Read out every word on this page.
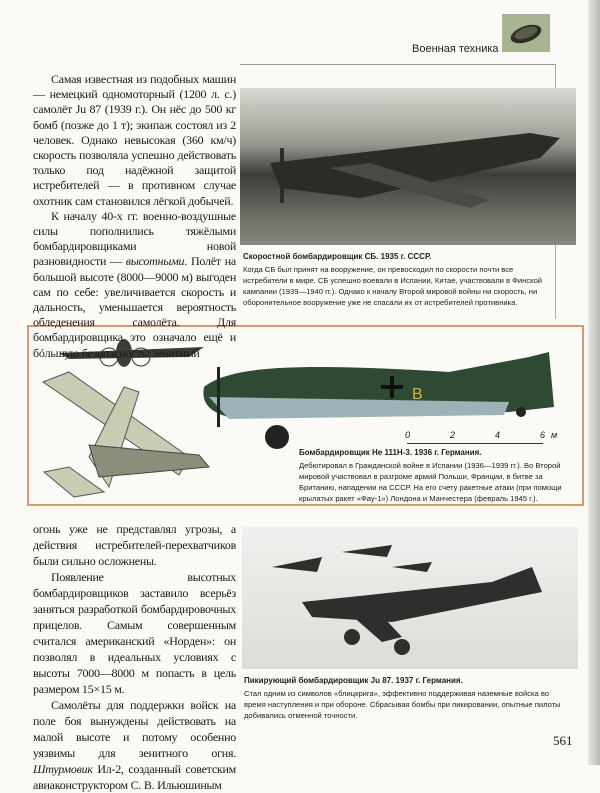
Военная техника

Самая известная из подобных машин — немецкий одномоторный (1200 л. с.) самолёт Ju 87 (1939 г.). Он нёс до 500 кг бомб (позже до 1 т); экипаж состоял из 2 человек. Однако невысокая (360 км/ч) скорость позволяла успешно действовать только под надёжной защитой истребителей — в противном случае охотник сам становился лёгкой добычей.

К началу 40-х гг. военно-воздушные силы пополнились тяжёлыми бомбардировщиками новой разновидности — высотными. Полёт на большой высоте (8000—9000 м) выгоден сам по себе: увеличивается скорость и дальность, уменьшается вероятность обледенения самолёта. Для бомбардировщика это означало ещё и бóльшую безопасность: зенитный

Скоростной бомбардировщик СБ. 1935 г. СССР.
Когда СБ был принят на вооружение, он превосходил по скорости почти все истребители в мире. СБ успешно воевали в Испании, Китае, участвовали в Финской кампании (1939—1940 гг.). Однако к началу Второй мировой войны ни скорость, ни оборонительное вооружение уже не спасали их от истребителей противника.
B
0	2	4	6 м
Бомбардировщик He 111H-3. 1936 г. Германия.
Дебютировал в Гражданской войне в Испании (1936—1939 гг.). Во Второй мировой участвовал в разгроме армий Польши, Франции, в битве за Британию, нападении на СССР. На его счету ракетные атаки (при помощи крылатых ракет «Фау-1») Лондона и Манчестера (февраль 1945 г.).

огонь уже не представлял угрозы, а действия истребителей-перехватчиков были сильно осложнены.

Появление высотных бомбардировщиков заставило всерьёз заняться разработкой бомбардировочных прицелов. Самым совершенным считался американский «Норден»: он позволял в идеальных условиях с высоты 7000—8000 м попасть в цель размером 15×15 м.

Самолёты для поддержки войск на поле боя вынуждены действовать на малой высоте и потому особенно уязвимы для зенитного огня. Штурмовик Ил-2, созданный советским авиаконструктором С. В. Ильюшиным

Пикирующий бомбардировщик Ju 87. 1937 г. Германия.
Стал одним из символов «блицкрига», эффективно поддерживая наземные войска во время наступления и при обороне. Сбрасывая бомбы при пикировании, опытные пилоты добивались отменной точности.
561
